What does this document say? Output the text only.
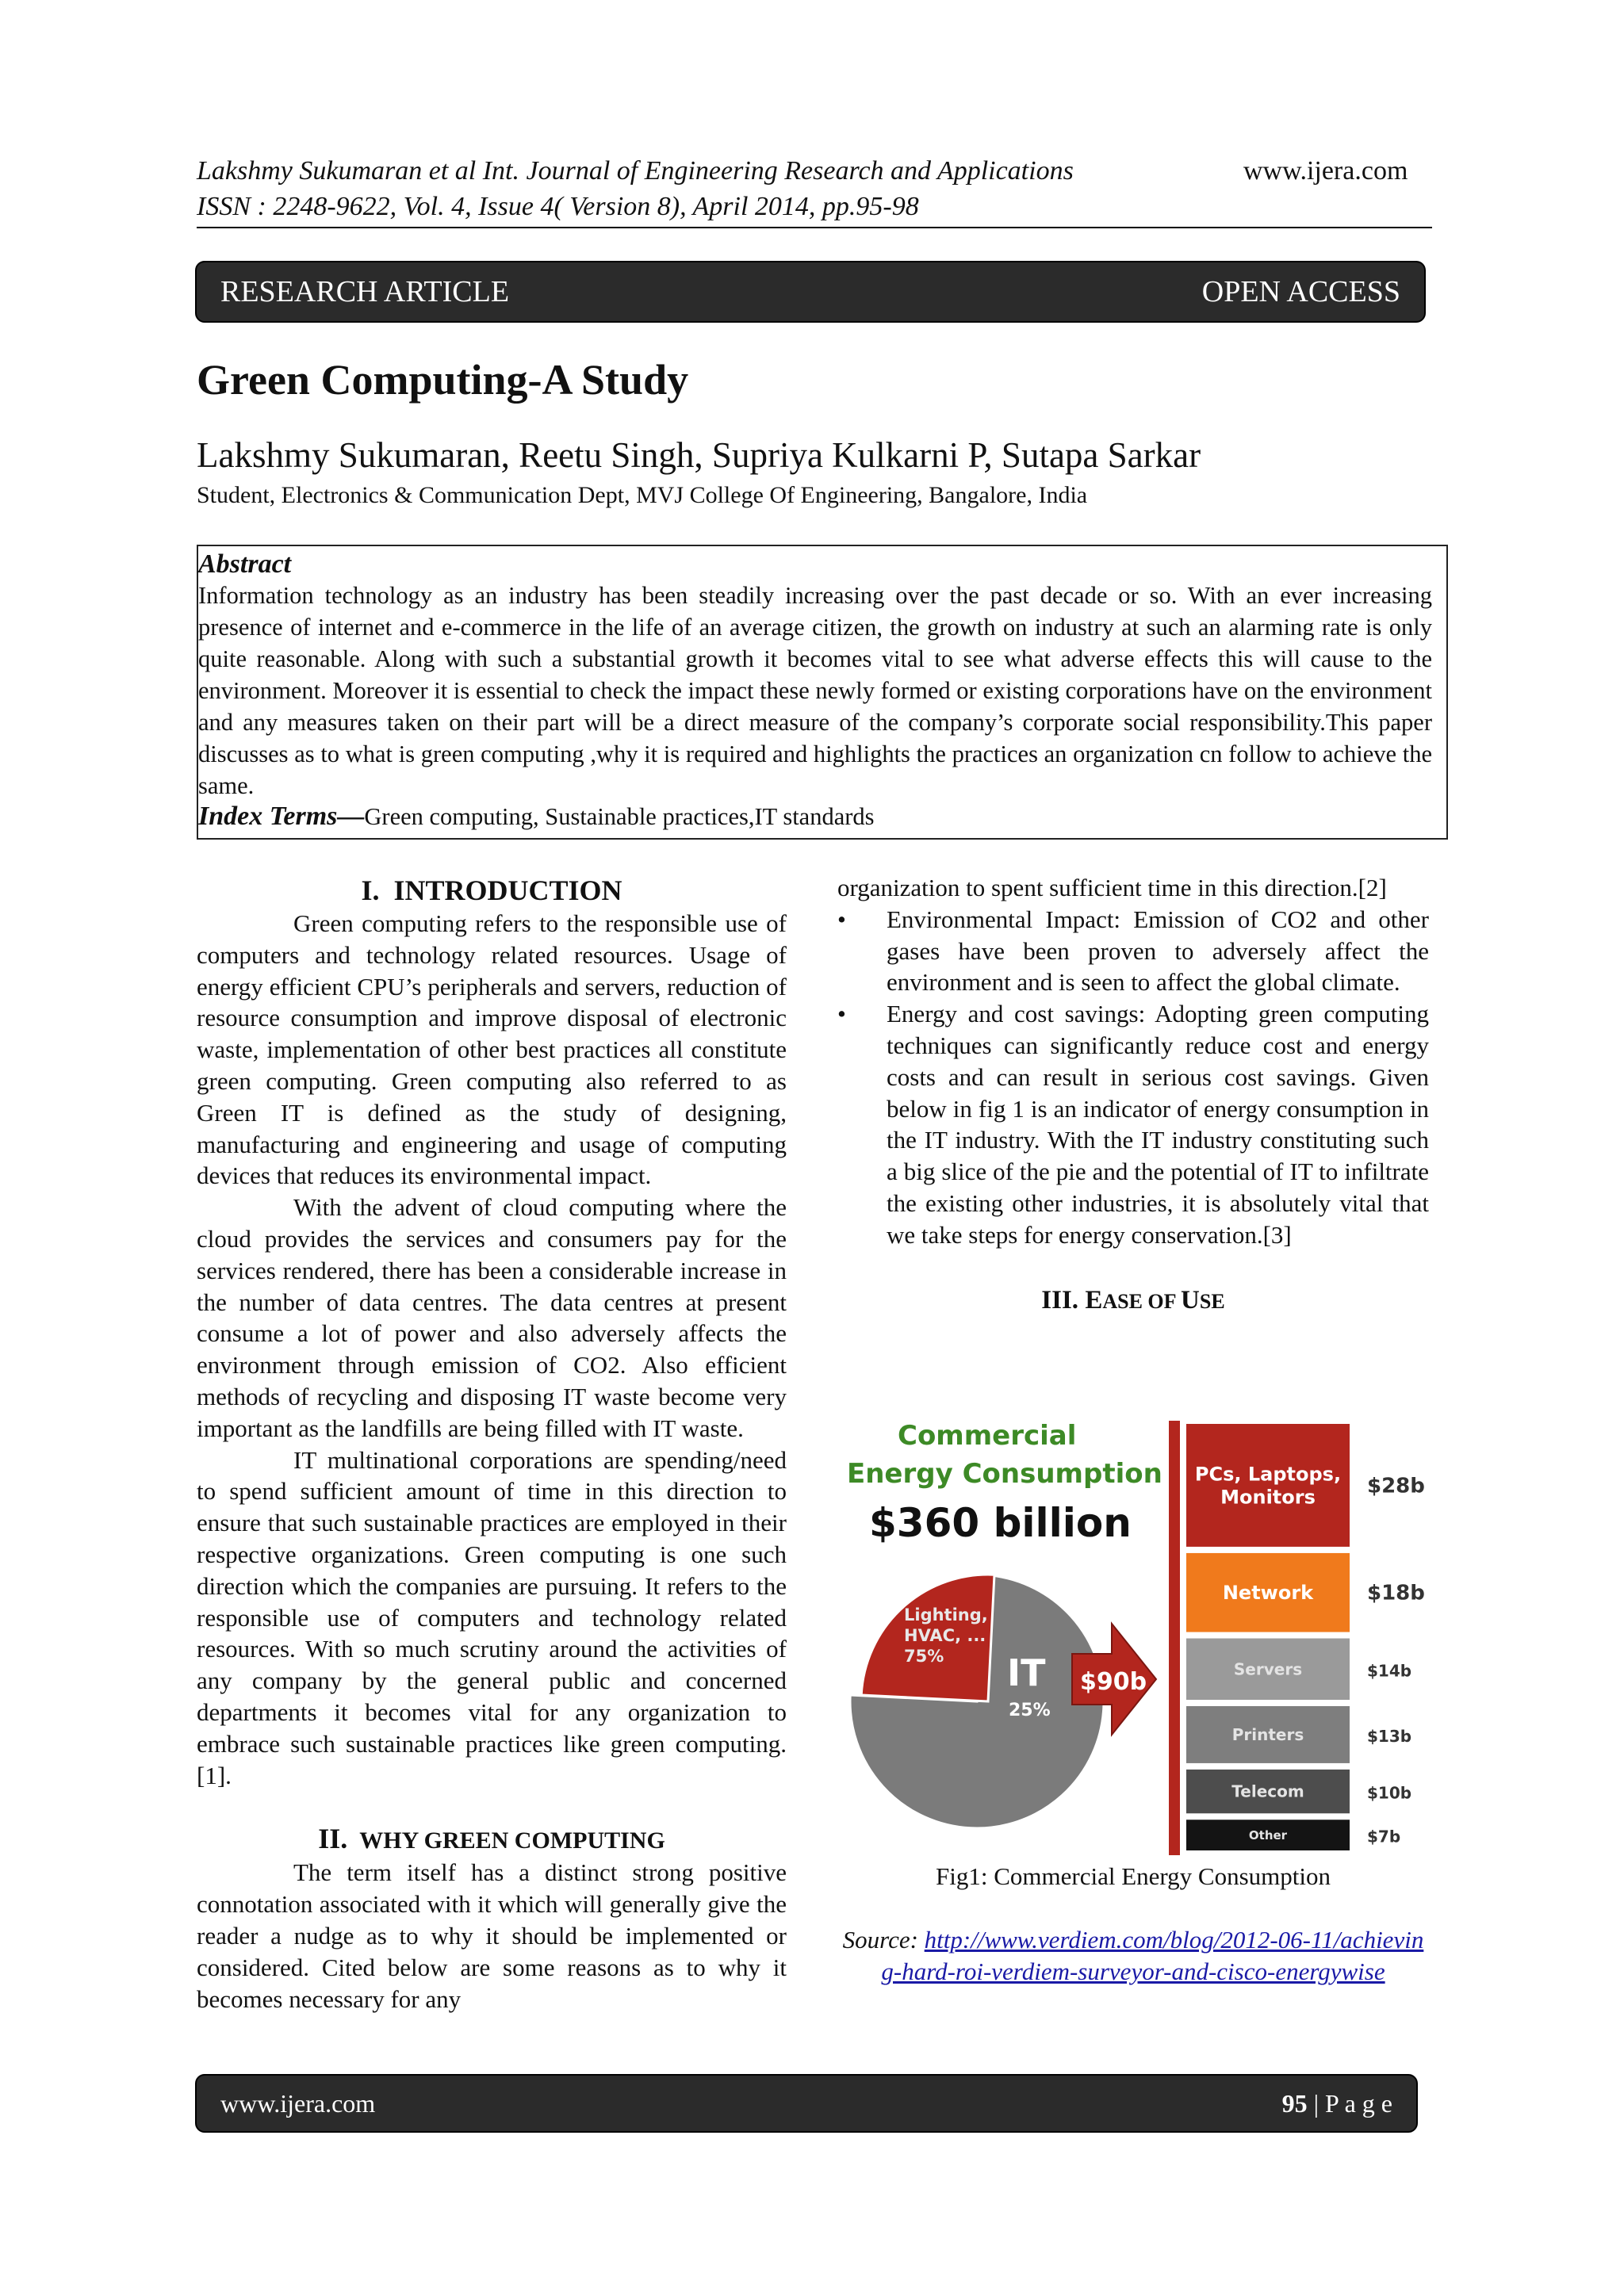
Lakshmy Sukumaran et al Int. Journal of Engineering Research and Applications	www.ijera.com
ISSN : 2248-9622, Vol. 4, Issue 4( Version 8), April 2014, pp.95-98
RESEARCH ARTICLE	OPEN ACCESS
Green Computing-A Study
Lakshmy Sukumaran, Reetu Singh, Supriya Kulkarni P, Sutapa Sarkar
Student, Electronics & Communication Dept, MVJ College Of Engineering, Bangalore, India
Abstract
Information technology as an industry has been steadily increasing over the past decade or so. With an ever increasing presence of internet and e-commerce in the life of an average citizen, the growth on industry at such an alarming rate is only quite reasonable. Along with such a substantial growth it becomes vital to see what adverse effects this will cause to the environment. Moreover it is essential to check the impact these newly formed or existing corporations have on the environment and any measures taken on their part will be a direct measure of the company’s corporate social responsibility.This paper discusses as to what is green computing ,why it is required and highlights the practices an organization cn follow to achieve the same.
Index Terms—Green computing, Sustainable practices,IT standards
I. INTRODUCTION

Green computing refers to the responsible use of computers and technology related resources. Usage of energy efficient CPU’s peripherals and servers, reduction of resource consumption and improve disposal of electronic waste, implementation of other best practices all constitute green computing. Green computing also referred to as Green IT is defined as the study of designing, manufacturing and engineering and usage of computing devices that reduces its environmental impact.

With the advent of cloud computing where the cloud provides the services and consumers pay for the services rendered, there has been a considerable increase in the number of data centres. The data centres at present consume a lot of power and also adversely affects the environment through emission of CO2. Also efficient methods of recycling and disposing IT waste become very important as the landfills are being filled with IT waste.

IT multinational corporations are spending/need to spend sufficient amount of time in this direction to ensure that such sustainable practices are employed in their respective organizations. Green computing is one such direction which the companies are pursuing. It refers to the responsible use of computers and technology related resources. With so much scrutiny around the activities of any company by the general public and concerned departments it becomes vital for any organization to embrace such sustainable practices like green computing.[1].

II. WHY GREEN COMPUTING

The term itself has a distinct strong positive connotation associated with it which will generally give the reader a nudge as to why it should be implemented or considered. Cited below are some reasons as to why it becomes necessary for any

organization to spent sufficient time in this direction.[2]

• Environmental Impact: Emission of CO2 and other gases have been proven to adversely affect the environment and is seen to affect the global climate.
• Energy and cost savings: Adopting green computing techniques can significantly reduce cost and energy costs and can result in serious cost savings. Given below in fig 1 is an indicator of energy consumption in the IT industry. With the IT industry constituting such a big slice of the pie and the potential of IT to infiltrate the existing other industries, it is absolutely vital that we take steps for energy conservation.[3]
III. EASE OF USE
Commercial
Energy Consumption
$360 billion
Lighting,
HVAC, ...
75% IT
25%
$90b
PCs, Laptops, Monitors	$28b
Network	$18b
Servers	$14b
Printers	$13b
Telecom	$10b
Other	$7b
Fig1: Commercial Energy Consumption
Source: http://www.verdiem.com/blog/2012-06-11/achieving-hard-roi-verdiem-surveyor-and-cisco-energywise
www.ijera.com	95 | P a g e
